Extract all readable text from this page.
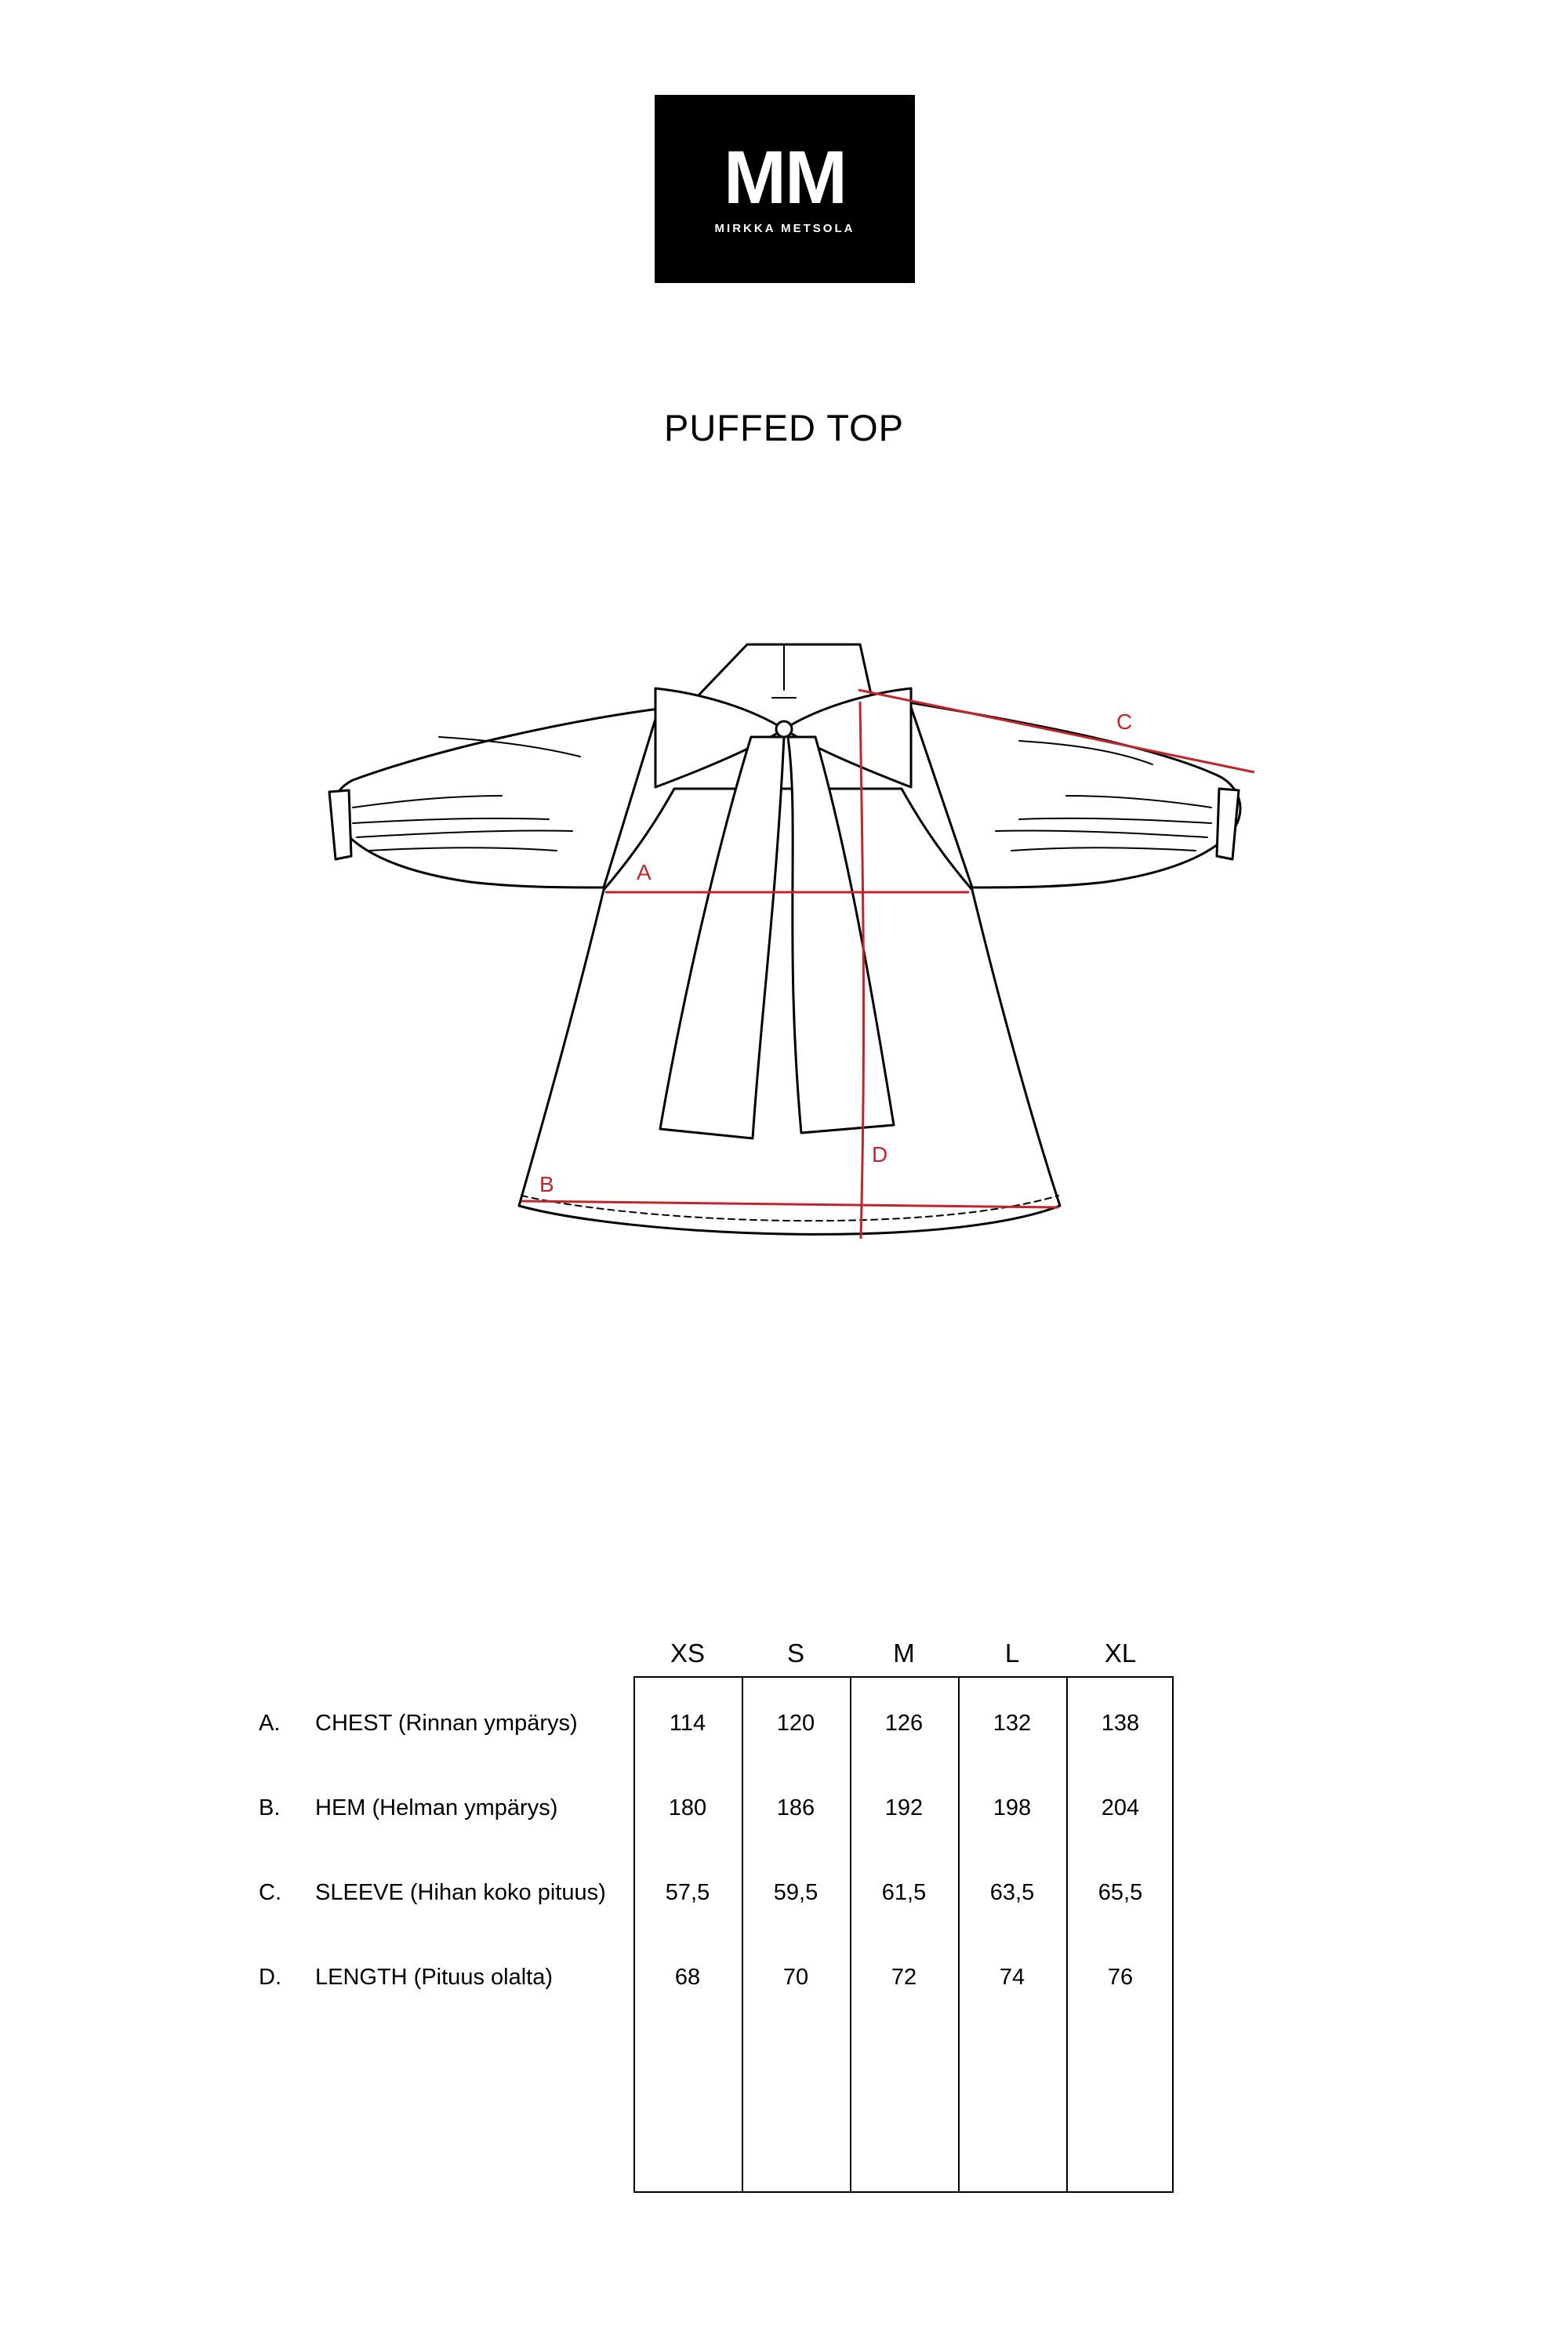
MM
MIRKKA METSOLA
PUFFED TOP
A
B
C
D
XS	S	M	L	XL
A. CHEST (Rinnan ympärys)	114	120	126	132	138
B. HEM (Helman ympärys)	180	186	192	198	204
C. SLEEVE (Hihan koko pituus)	57,5	59,5	61,5	63,5	65,5
D. LENGTH (Pituus olalta)	68	70	72	74	76
